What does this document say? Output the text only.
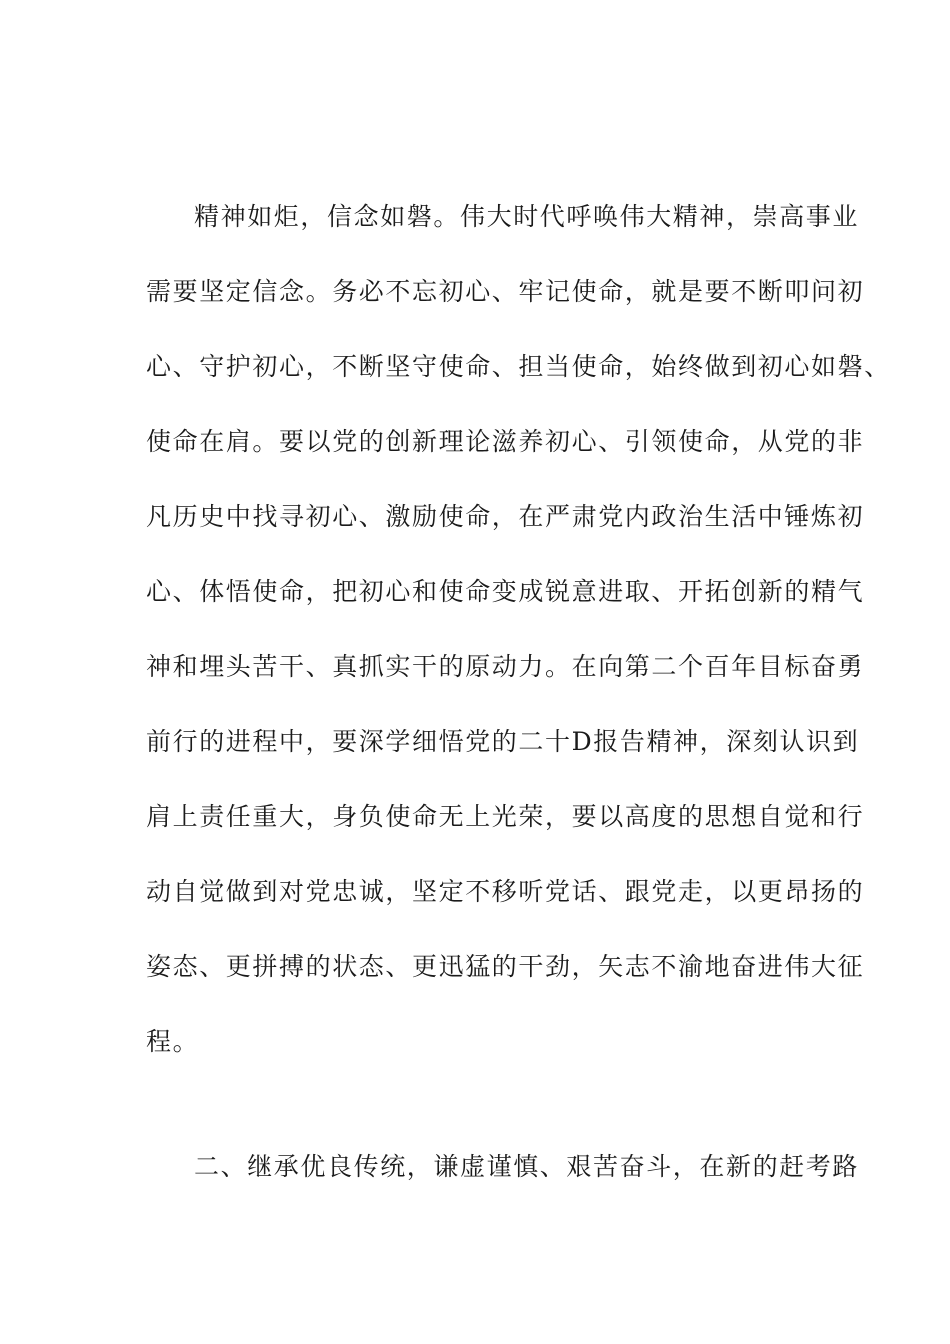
精神如炬，信念如磐。伟大时代呼唤伟大精神，崇高事业
需要坚定信念。务必不忘初心、牢记使命，就是要不断叩问初
心、守护初心，不断坚守使命、担当使命，始终做到初心如磐、
使命在肩。要以党的创新理论滋养初心、引领使命，从党的非
凡历史中找寻初心、激励使命，在严肃党内政治生活中锤炼初
心、体悟使命，把初心和使命变成锐意进取、开拓创新的精气
神和埋头苦干、真抓实干的原动力。在向第二个百年目标奋勇
前行的进程中，要深学细悟党的二十D报告精神，深刻认识到
肩上责任重大，身负使命无上光荣，要以高度的思想自觉和行
动自觉做到对党忠诚，坚定不移听党话、跟党走，以更昂扬的
姿态、更拼搏的状态、更迅猛的干劲，矢志不渝地奋进伟大征
程。
二、继承优良传统，谦虚谨慎、艰苦奋斗，在新的赶考路
